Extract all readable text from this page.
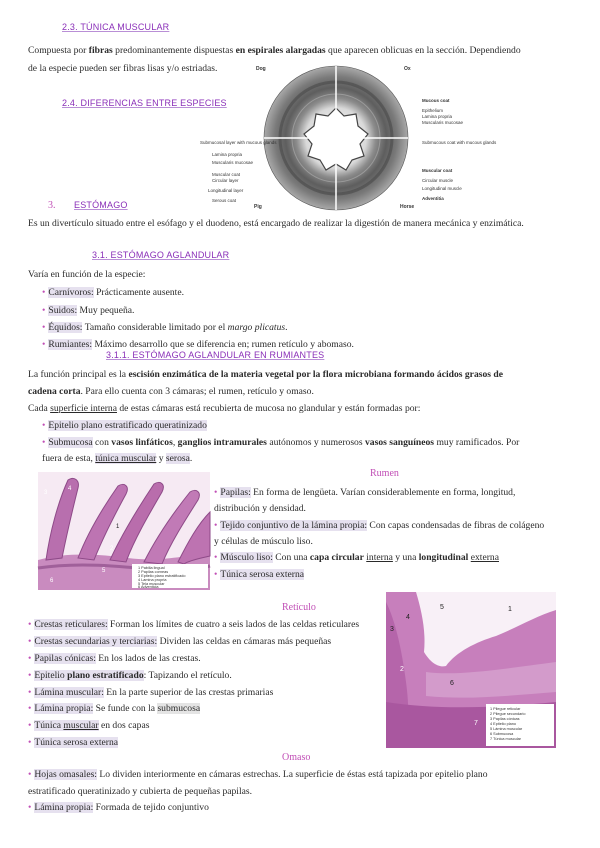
2.3. TÚNICA MUSCULAR
Compuesta por fibras predominantemente dispuestas en espirales alargadas que aparecen oblicuas en la sección. Dependiendo
de la especie pueden ser fibras lisas y/o estriadas.
2.4. DIFERENCIAS ENTRE ESPECIES
Dog	Ox
Pig	Horse
Submucosal layer with mucous glands
Lamina propria
Muscularis mucosae
Muscular coat
Circular layer
Longitudinal layer
Serous coat
Mucous coat
Epithelium
Lamina propria
Muscularis mucosae
Submucous coat with mucous glands
Muscular coat
Circular muscle
Longitudinal muscle
Adventitia
3. ESTÓMAGO
Es un divertículo situado entre el esófago y el duodeno, está encargado de realizar la digestión de manera mecánica y enzimática.
3.1. ESTÓMAGO AGLANDULAR
Varía en función de la especie:
• Carnívoros: Prácticamente ausente.
• Suidos: Muy pequeña.
• Équidos: Tamaño considerable limitado por el margo plicatus.
• Rumiantes: Máximo desarrollo que se diferencia en; rumen retículo y abomaso.
3.1.1. ESTÓMAGO AGLANDULAR EN RUMIANTES
La función principal es la escisión enzimática de la materia vegetal por la flora microbiana formando ácidos grasos de
cadena corta. Para ello cuenta con 3 cámaras; el rumen, retículo y omaso.
Cada superficie interna de estas cámaras está recubierta de mucosa no glandular y están formadas por:
• Epitelio plano estratificado queratinizado
• Submucosa con vasos linfáticos, ganglios intramurales autónomos y numerosos vasos sanguíneos muy ramificados. Por
fuera de esta, túnica muscular y serosa.
Rumen
3
4
1
2
5
6
1 Pabilia lingual
2 Papilas corneas
3 Epitelio plano estratificado
4 Lamina propria
5 Tela muscular
6 Adventicia
• Papilas: En forma de lengüeta. Varían considerablemente en forma, longitud,
distribución y densidad.
• Tejido conjuntivo de la lámina propia: Con capas condensadas de fibras de colágeno
y células de músculo liso.
• Músculo liso: Con una capa circular interna y una longitudinal externa
• Túnica serosa externa
Retículo
• Crestas reticulares: Forman los límites de cuatro a seis lados de las celdas reticulares
• Crestas secundarias y terciarias: Dividen las celdas en cámaras más pequeñas
• Papilas cónicas: En los lados de las crestas.
• Epitelio plano estratificado: Tapizando el retículo.
• Lámina muscular: En la parte superior de las crestas primarias
• Lámina propia: Se funde con la submucosa
• Túnica muscular en dos capas
• Túnica serosa externa
5
4
3
1
2
6
7
1 Pliegue reticular
2 Pliegue secundario
3 Papilas cónicas
4 Epitelio plano
5 Lámina muscular
6 Submucosa
7 Túnica muscular
Omaso
• Hojas omasales: Lo dividen interiormente en cámaras estrechas. La superficie de éstas está tapizada por epitelio plano
estratificado queratinizado y cubierta de pequeñas papilas.
• Lámina propia: Formada de tejido conjuntivo
